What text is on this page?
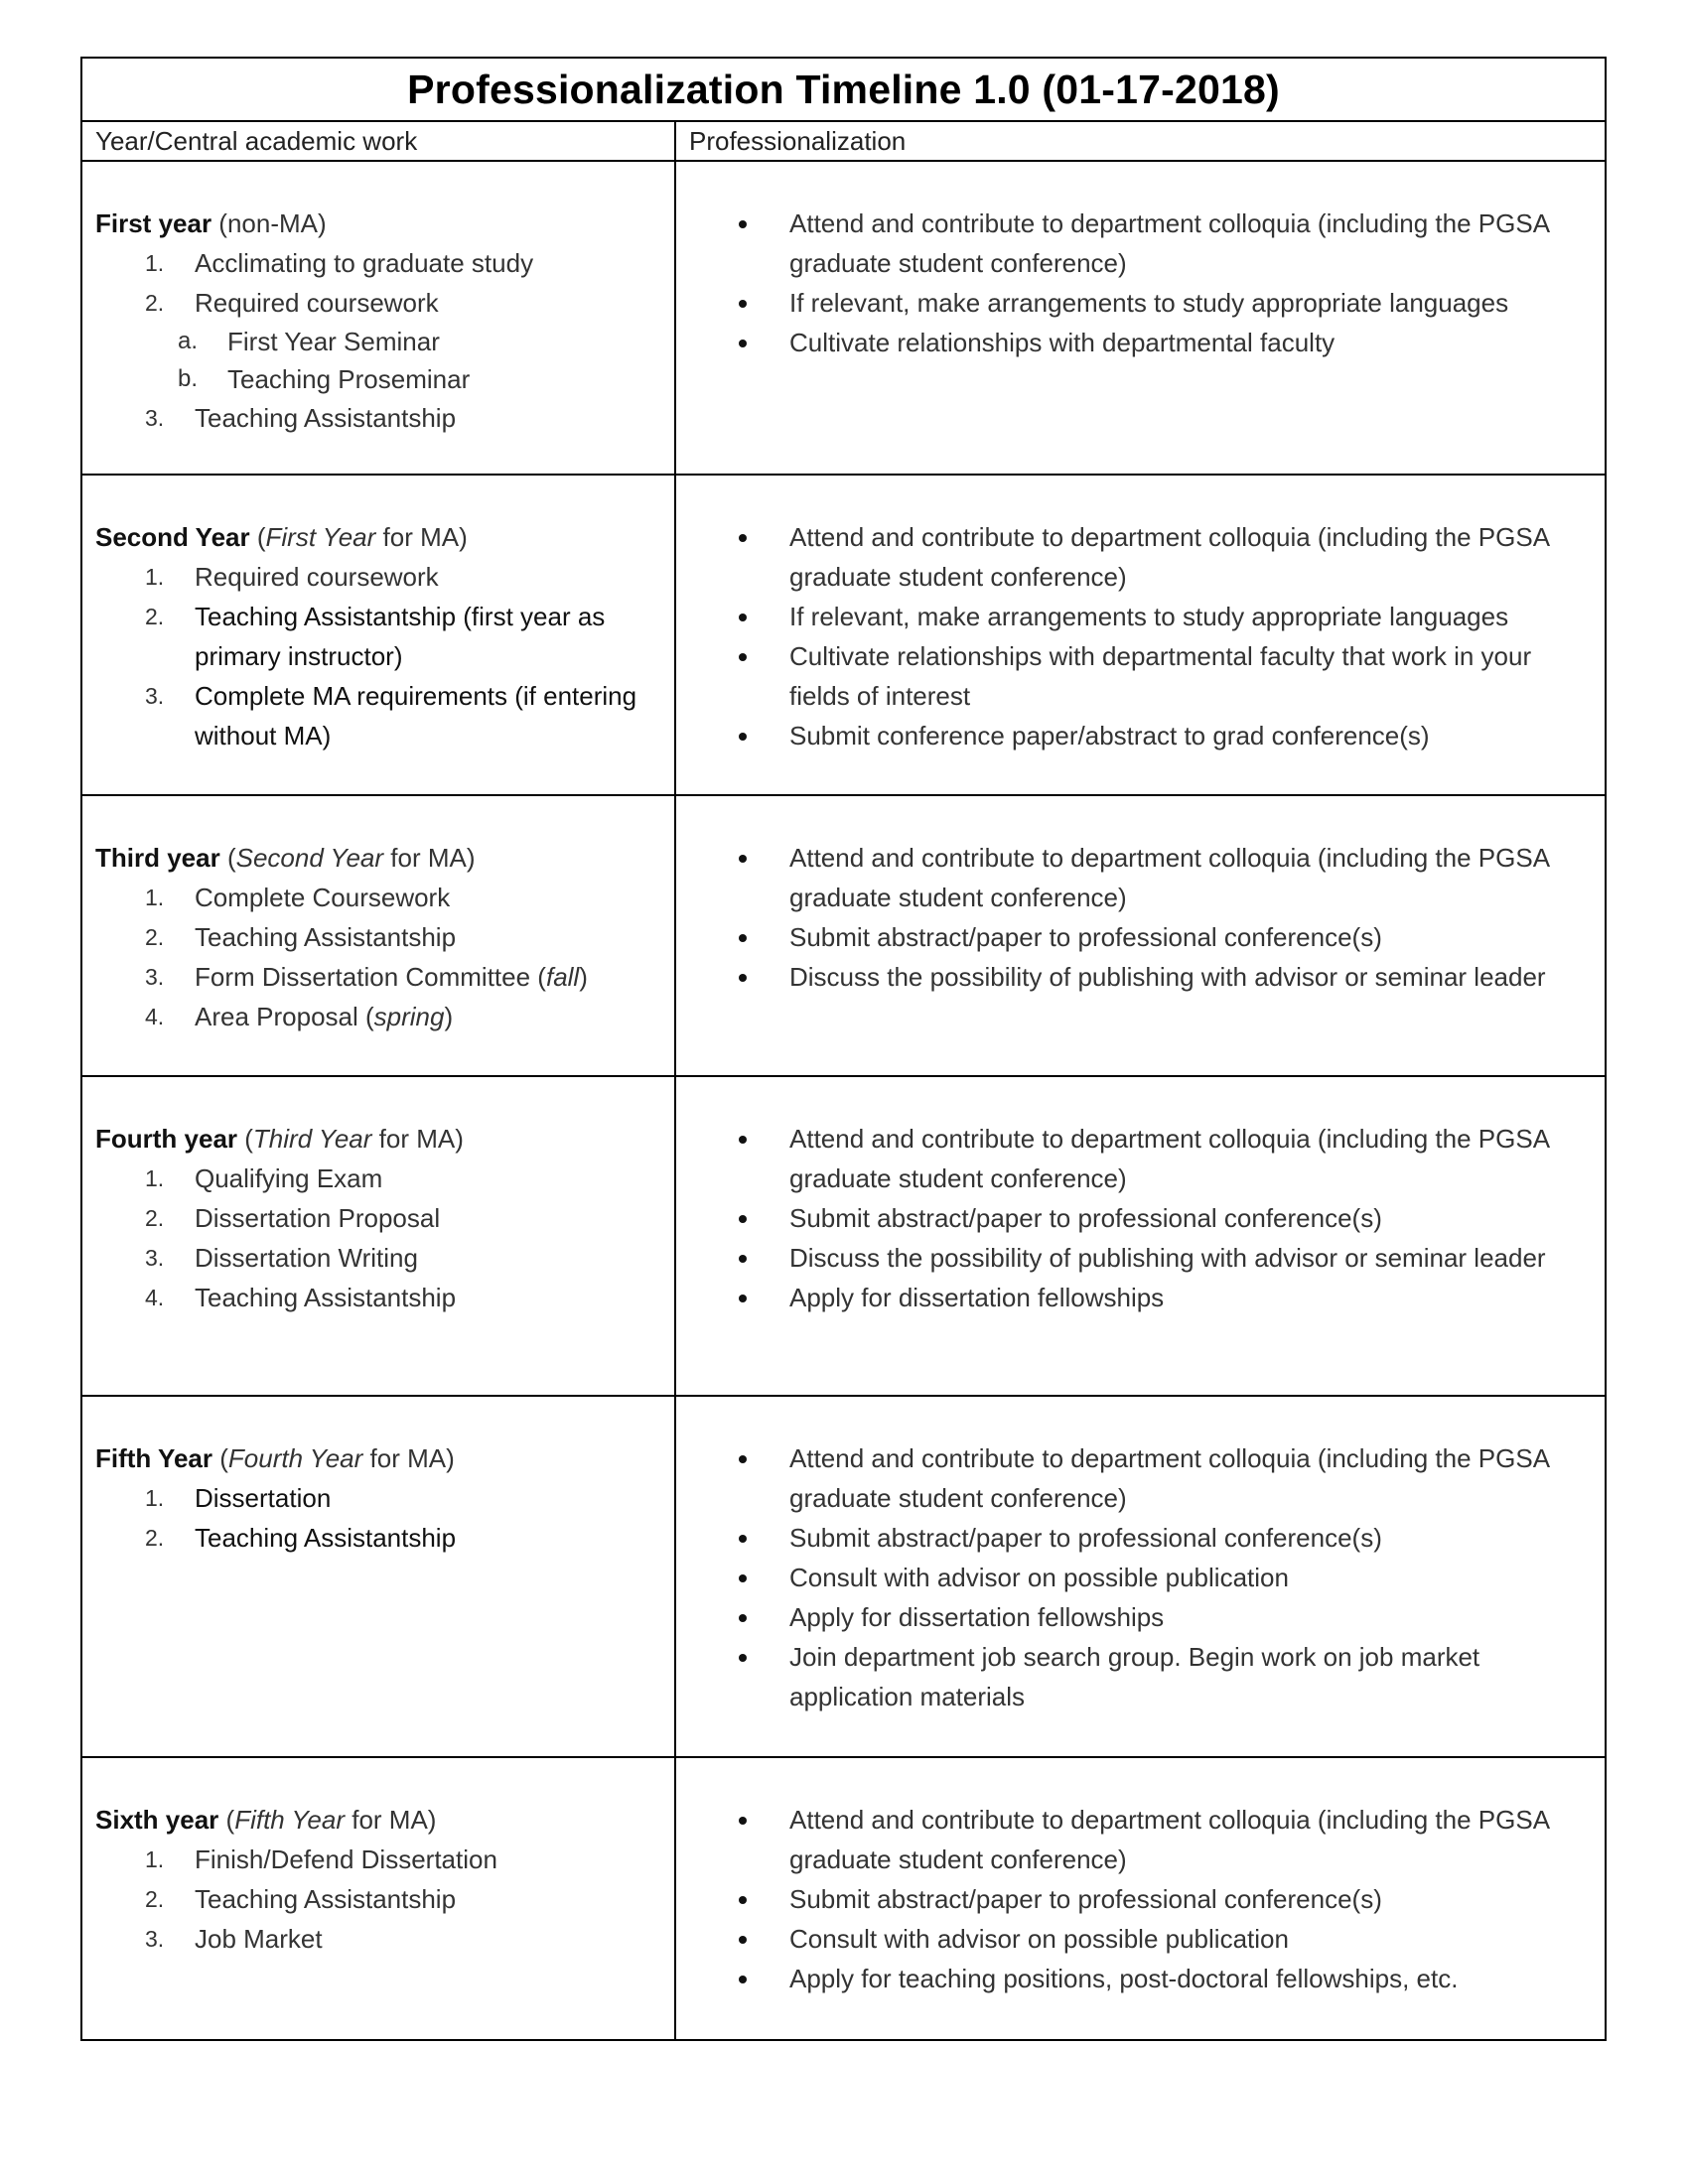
Professionalization Timeline 1.0 (01-17-2018)
Year/Central academic work	Professionalization
First year (non-MA)
1. Acclimating to graduate study
2. Required coursework
a. First Year Seminar
b. Teaching Proseminar
3. Teaching Assistantship
Attend and contribute to department colloquia (including the PGSA graduate student conference)
If relevant, make arrangements to study appropriate languages
Cultivate relationships with departmental faculty
Second Year (First Year for MA)
1. Required coursework
2. Teaching Assistantship (first year as primary instructor)
3. Complete MA requirements (if entering without MA)
Attend and contribute to department colloquia (including the PGSA graduate student conference)
If relevant, make arrangements to study appropriate languages
Cultivate relationships with departmental faculty that work in your fields of interest
Submit conference paper/abstract to grad conference(s)
Third year (Second Year for MA)
1. Complete Coursework
2. Teaching Assistantship
3. Form Dissertation Committee (fall)
4. Area Proposal (spring)
Attend and contribute to department colloquia (including the PGSA graduate student conference)
Submit abstract/paper to professional conference(s)
Discuss the possibility of publishing with advisor or seminar leader
Fourth year (Third Year for MA)
1. Qualifying Exam
2. Dissertation Proposal
3. Dissertation Writing
4. Teaching Assistantship
Attend and contribute to department colloquia (including the PGSA graduate student conference)
Submit abstract/paper to professional conference(s)
Discuss the possibility of publishing with advisor or seminar leader
Apply for dissertation fellowships
Fifth Year (Fourth Year for MA)
1. Dissertation
2. Teaching Assistantship
Attend and contribute to department colloquia (including the PGSA graduate student conference)
Submit abstract/paper to professional conference(s)
Consult with advisor on possible publication
Apply for dissertation fellowships
Join department job search group. Begin work on job market application materials
Sixth year (Fifth Year for MA)
1. Finish/Defend Dissertation
2. Teaching Assistantship
3. Job Market
Attend and contribute to department colloquia (including the PGSA graduate student conference)
Submit abstract/paper to professional conference(s)
Consult with advisor on possible publication
Apply for teaching positions, post-doctoral fellowships, etc.
